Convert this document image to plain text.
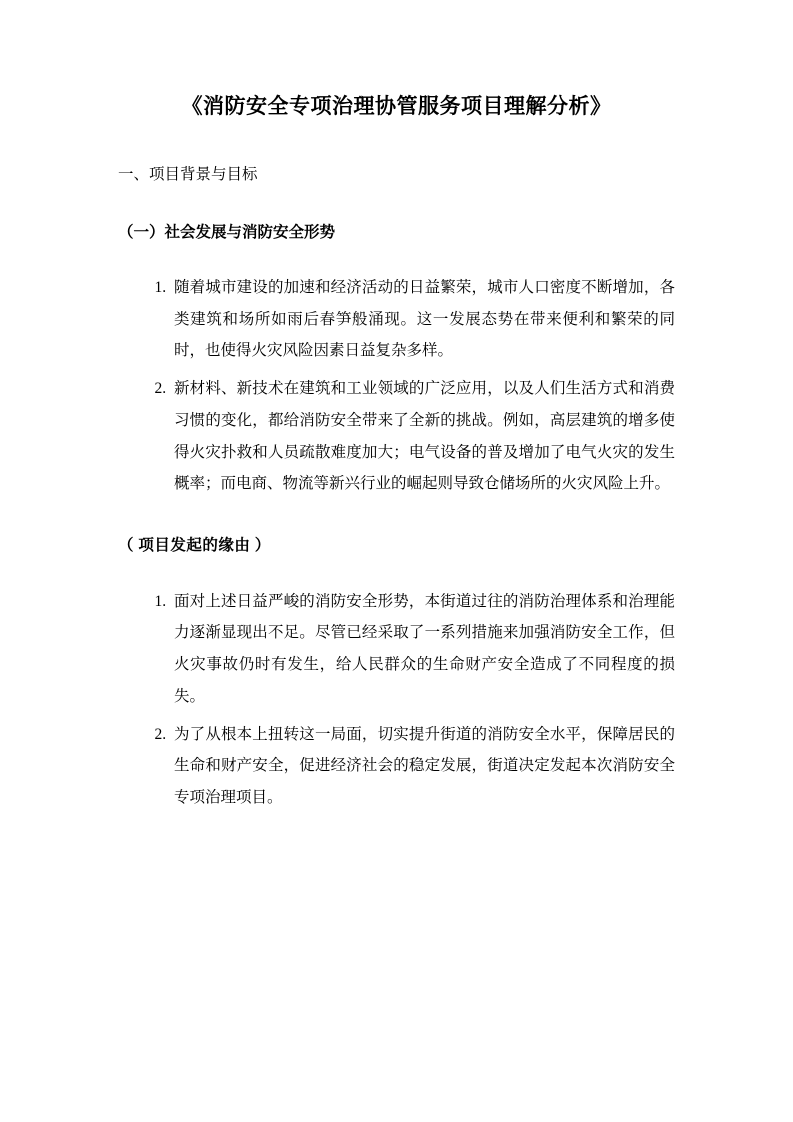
《消防安全专项治理协管服务项目理解分析》

一、项目背景与目标

（一）社会发展与消防安全形势

1. 随着城市建设的加速和经济活动的日益繁荣，城市人口密度不断增加，各类建筑和场所如雨后春笋般涌现。这一发展态势在带来便利和繁荣的同时，也使得火灾风险因素日益复杂多样。
2. 新材料、新技术在建筑和工业领域的广泛应用，以及人们生活方式和消费习惯的变化，都给消防安全带来了全新的挑战。例如，高层建筑的增多使得火灾扑救和人员疏散难度加大；电气设备的普及增加了电气火灾的发生概率；而电商、物流等新兴行业的崛起则导致仓储场所的火灾风险上升。

（ 项目发起的缘由 ）

1. 面对上述日益严峻的消防安全形势，本街道过往的消防治理体系和治理能力逐渐显现出不足。尽管已经采取了一系列措施来加强消防安全工作，但火灾事故仍时有发生，给人民群众的生命财产安全造成了不同程度的损失。
2. 为了从根本上扭转这一局面，切实提升街道的消防安全水平，保障居民的生命和财产安全，促进经济社会的稳定发展，街道决定发起本次消防安全专项治理项目。
